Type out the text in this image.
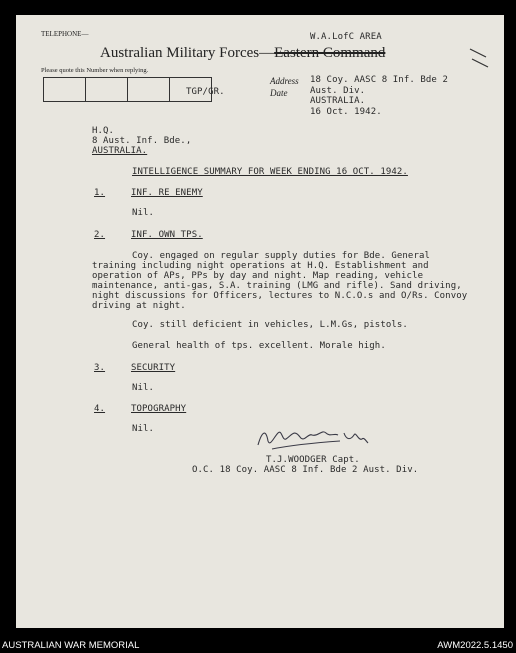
TELEPHONE—
Australian Military Forces—Eastern Command
Please quote this Number when replying.
W.A.LofC AREA
Address 18 Coy. AASC 8 Inf. Bde 2
Aust. Div.
AUSTRALIA.
TGP/GR.	Date
16 Oct. 1942.
H.Q.
8 Aust. Inf. Bde.,
AUSTRALIA.
INTELLIGENCE SUMMARY FOR WEEK ENDING 16 OCT. 1942.
1.	INF. RE ENEMY
Nil.
2.	INF. OWN TPS.
Coy. engaged on regular supply duties for Bde. General training including night operations at H.Q. Establishment and operation of APs, PPs by day and night. Map reading, vehicle maintenance, anti-gas, S.A. training (LMG and rifle). Sand driving, night discussions for Officers, lectures to N.C.O.s and O/Rs. Convoy driving at night.
Coy. still deficient in vehicles, L.M.Gs, pistols.
General health of tps. excellent. Morale high.
3.	SECURITY
Nil.
4.	TOPOGRAPHY
Nil.
T.J.WOODGER Capt.
O.C. 18 Coy. AASC 8 Inf. Bde 2 Aust. Div.
AUSTRALIAN WAR MEMORIAL	AWM2022.5.1450
